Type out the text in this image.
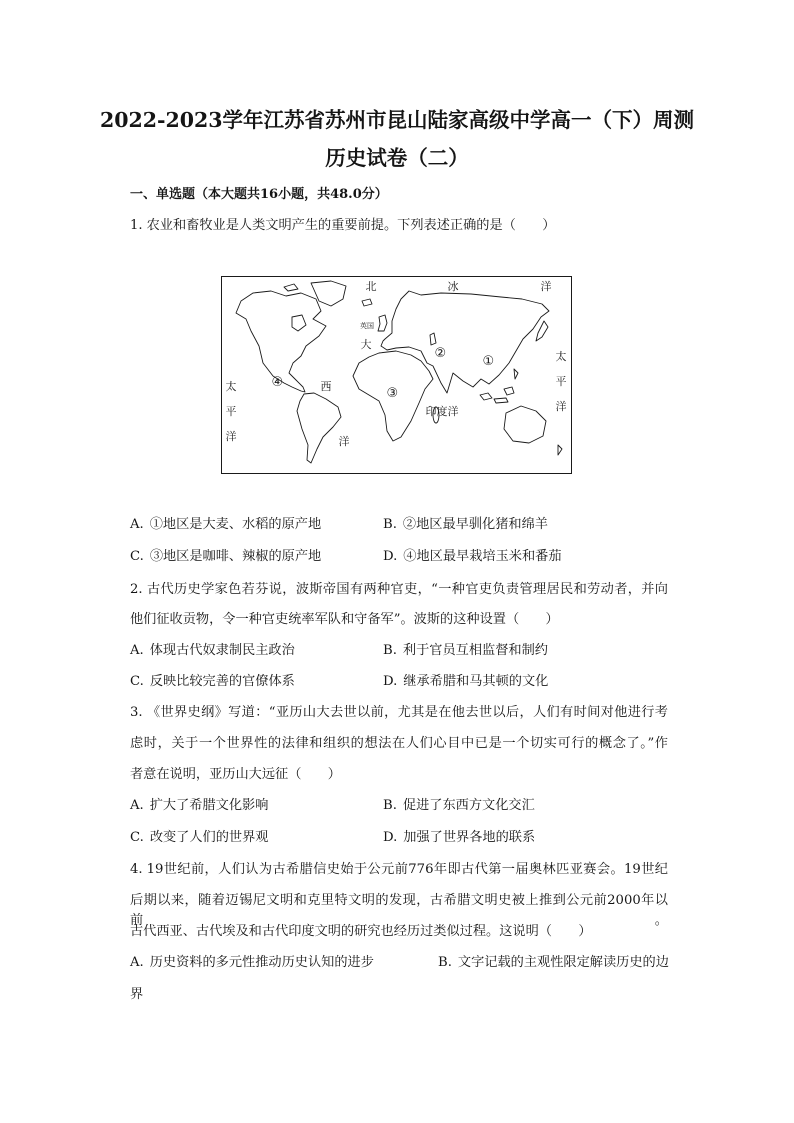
2022-2023学年江苏省苏州市昆山陆家高级中学高一（下）周测
历史试卷（二）
一、单选题（本大题共16小题，共48.0分）
1. 农业和畜牧业是人类文明产生的重要前提。下列表述正确的是（　　）
北	冰	洋
英国
大
西
洋
太
平
洋
太
平
洋
印度洋
①
②
③
④
A. ①地区是大麦、水稻的原产地	B. ②地区最早驯化猪和绵羊
C. ③地区是咖啡、辣椒的原产地	D. ④地区最早栽培玉米和番茄
2. 古代历史学家色若芬说，波斯帝国有两种官吏，“一种官吏负责管理居民和劳动者，并向
他们征收贡物，令一种官吏统率军队和守备军”。波斯的这种设置（　　）
A. 体现古代奴隶制民主政治	B. 利于官员互相监督和制约
C. 反映比较完善的官僚体系	D. 继承希腊和马其顿的文化
3. 《世界史纲》写道：“亚历山大去世以前，尤其是在他去世以后，人们有时间对他进行考
虑时，关于一个世界性的法律和组织的想法在人们心目中已是一个切实可行的概念了。”作
者意在说明，亚历山大远征（　　）
A. 扩大了希腊文化影响	B. 促进了东西方文化交汇
C. 改变了人们的世界观	D. 加强了世界各地的联系
4. 19世纪前，人们认为古希腊信史始于公元前776年即古代第一届奥林匹亚赛会。19世纪
后期以来，随着迈锡尼文明和克里特文明的发现，古希腊文明史被上推到公元前2000年以前。
古代西亚、古代埃及和古代印度文明的研究也经历过类似过程。这说明（　　）
A. 历史资料的多元性推动历史认知的进步	B. 文字记载的主观性限定解读历史的边
界
